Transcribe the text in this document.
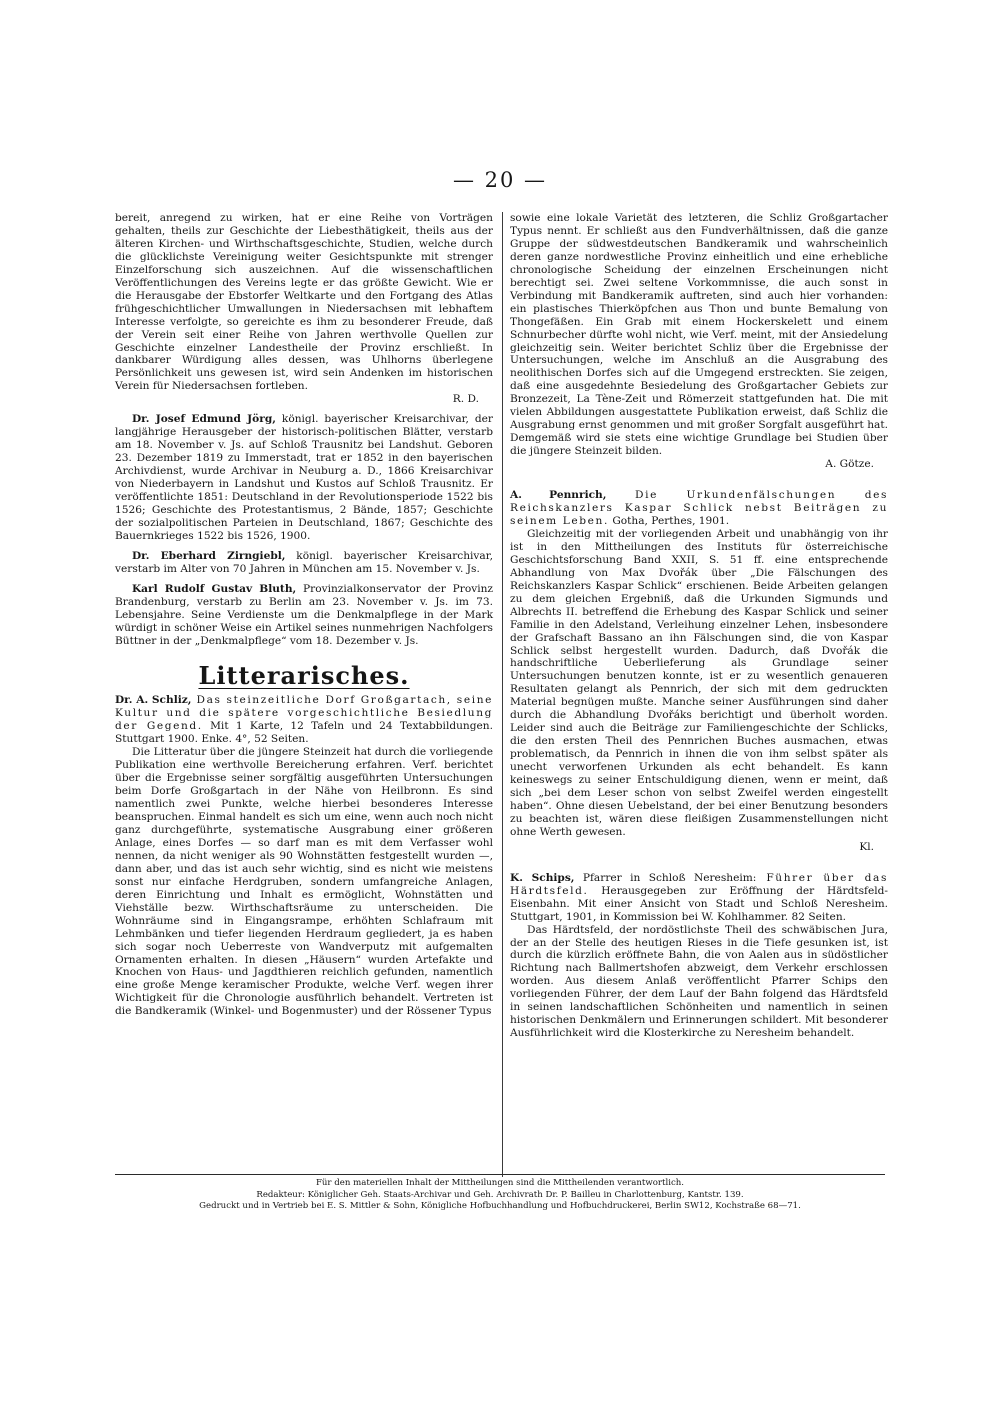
— 20 —

bereit, anregend zu wirken, hat er eine Reihe von Vorträgen gehalten, theils zur Geschichte der Liebesthätigkeit, theils aus der älteren Kirchen- und Wirthschaftsgeschichte, Studien, welche durch die glücklichste Vereinigung weiter Gesichtspunkte mit strenger Einzelforschung sich auszeichnen. Auf die wissenschaftlichen Veröffentlichungen des Vereins legte er das größte Gewicht. Wie er die Herausgabe der Ebstorfer Weltkarte und den Fortgang des Atlas frühgeschichtlicher Umwallungen in Niedersachsen mit lebhaftem Interesse verfolgte, so gereichte es ihm zu besonderer Freude, daß der Verein seit einer Reihe von Jahren werthvolle Quellen zur Geschichte einzelner Landestheile der Provinz erschließt. In dankbarer Würdigung alles dessen, was Uhlhorns überlegene Persönlichkeit uns gewesen ist, wird sein Andenken im historischen Verein für Niedersachsen fortleben.

R. D.

Dr. Josef Edmund Jörg, königl. bayerischer Kreisarchivar, der langjährige Herausgeber der historisch-politischen Blätter, verstarb am 18. November v. Js. auf Schloß Trausnitz bei Landshut. Geboren 23. Dezember 1819 zu Immerstadt, trat er 1852 in den bayerischen Archivdienst, wurde Archivar in Neuburg a. D., 1866 Kreisarchivar von Niederbayern in Landshut und Kustos auf Schloß Trausnitz. Er veröffentlichte 1851: Deutschland in der Revolutionsperiode 1522 bis 1526; Geschichte des Protestantismus, 2 Bände, 1857; Geschichte der sozialpolitischen Parteien in Deutschland, 1867; Geschichte des Bauernkrieges 1522 bis 1526, 1900.

Dr. Eberhard Zirngiebl, königl. bayerischer Kreisarchivar, verstarb im Alter von 70 Jahren in München am 15. November v. Js.

Karl Rudolf Gustav Bluth, Provinzialkonservator der Provinz Brandenburg, verstarb zu Berlin am 23. November v. Js. im 73. Lebensjahre. Seine Verdienste um die Denkmalpflege in der Mark würdigt in schöner Weise ein Artikel seines nunmehrigen Nachfolgers Büttner in der „Denkmalpflege“ vom 18. Dezember v. Js.

Litterarisches.

Dr. A. Schliz, Das steinzeitliche Dorf Großgartach, seine Kultur und die spätere vorgeschichtliche Besiedlung der Gegend. Mit 1 Karte, 12 Tafeln und 24 Textabbildungen. Stuttgart 1900. Enke. 4°, 52 Seiten.

Die Litteratur über die jüngere Steinzeit hat durch die vorliegende Publikation eine werthvolle Bereicherung erfahren. Verf. berichtet über die Ergebnisse seiner sorgfältig ausgeführten Untersuchungen beim Dorfe Großgartach in der Nähe von Heilbronn. Es sind namentlich zwei Punkte, welche hierbei besonderes Interesse beanspruchen. Einmal handelt es sich um eine, wenn auch noch nicht ganz durchgeführte, systematische Ausgrabung einer größeren Anlage, eines Dorfes — so darf man es mit dem Verfasser wohl nennen, da nicht weniger als 90 Wohnstätten festgestellt wurden —, dann aber, und das ist auch sehr wichtig, sind es nicht wie meistens sonst nur einfache Herdgruben, sondern umfangreiche Anlagen, deren Einrichtung und Inhalt es ermöglicht, Wohnstätten und Viehställe bezw. Wirthschaftsräume zu unterscheiden. Die Wohnräume sind in Eingangsrampe, erhöhten Schlafraum mit Lehmbänken und tiefer liegenden Herdraum gegliedert, ja es haben sich sogar noch Ueberreste von Wandverputz mit aufgemalten Ornamenten erhalten. In diesen „Häusern“ wurden Artefakte und Knochen von Haus- und Jagdthieren reichlich gefunden, namentlich eine große Menge keramischer Produkte, welche Verf. wegen ihrer Wichtigkeit für die Chronologie ausführlich behandelt. Vertreten ist die Bandkeramik (Winkel- und Bogenmuster) und der Rössener Typus

sowie eine lokale Varietät des letzteren, die Schliz Großgartacher Typus nennt. Er schließt aus den Fundverhältnissen, daß die ganze Gruppe der südwestdeutschen Bandkeramik und wahrscheinlich deren ganze nordwestliche Provinz einheitlich und eine erhebliche chronologische Scheidung der einzelnen Erscheinungen nicht berechtigt sei. Zwei seltene Vorkommnisse, die auch sonst in Verbindung mit Bandkeramik auftreten, sind auch hier vorhanden: ein plastisches Thierköpfchen aus Thon und bunte Bemalung von Thongefäßen. Ein Grab mit einem Hockerskelett und einem Schnurbecher dürfte wohl nicht, wie Verf. meint, mit der Ansiedelung gleichzeitig sein. Weiter berichtet Schliz über die Ergebnisse der Untersuchungen, welche im Anschluß an die Ausgrabung des neolithischen Dorfes sich auf die Umgegend erstreckten. Sie zeigen, daß eine ausgedehnte Besiedelung des Großgartacher Gebiets zur Bronzezeit, La Tène-Zeit und Römerzeit stattgefunden hat. Die mit vielen Abbildungen ausgestattete Publikation erweist, daß Schliz die Ausgrabung ernst genommen und mit großer Sorgfalt ausgeführt hat. Demgemäß wird sie stets eine wichtige Grundlage bei Studien über die jüngere Steinzeit bilden.

A. Götze.

A. Pennrich, Die Urkundenfälschungen des Reichskanzlers Kaspar Schlick nebst Beiträgen zu seinem Leben. Gotha, Perthes, 1901.

Gleichzeitig mit der vorliegenden Arbeit und unabhängig von ihr ist in den Mittheilungen des Instituts für österreichische Geschichtsforschung Band XXII, S. 51 ff. eine entsprechende Abhandlung von Max Dvořák über „Die Fälschungen des Reichskanzlers Kaspar Schlick“ erschienen. Beide Arbeiten gelangen zu dem gleichen Ergebniß, daß die Urkunden Sigmunds und Albrechts II. betreffend die Erhebung des Kaspar Schlick und seiner Familie in den Adelstand, Verleihung einzelner Lehen, insbesondere der Grafschaft Bassano an ihn Fälschungen sind, die von Kaspar Schlick selbst hergestellt wurden. Dadurch, daß Dvořák die handschriftliche Ueberlieferung als Grundlage seiner Untersuchungen benutzen konnte, ist er zu wesentlich genaueren Resultaten gelangt als Pennrich, der sich mit dem gedruckten Material begnügen mußte. Manche seiner Ausführungen sind daher durch die Abhandlung Dvořáks berichtigt und überholt worden. Leider sind auch die Beiträge zur Familiengeschichte der Schlicks, die den ersten Theil des Pennrichen Buches ausmachen, etwas problematisch, da Pennrich in ihnen die von ihm selbst später als unecht verworfenen Urkunden als echt behandelt. Es kann keineswegs zu seiner Entschuldigung dienen, wenn er meint, daß sich „bei dem Leser schon von selbst Zweifel werden eingestellt haben“. Ohne diesen Uebelstand, der bei einer Benutzung besonders zu beachten ist, wären diese fleißigen Zusammenstellungen nicht ohne Werth gewesen.

Kl.

K. Schips, Pfarrer in Schloß Neresheim: Führer über das Härdtsfeld. Herausgegeben zur Eröffnung der Härdtsfeld-Eisenbahn. Mit einer Ansicht von Stadt und Schloß Neresheim. Stuttgart, 1901, in Kommission bei W. Kohlhammer. 82 Seiten.

Das Härdtsfeld, der nordöstlichste Theil des schwäbischen Jura, der an der Stelle des heutigen Rieses in die Tiefe gesunken ist, ist durch die kürzlich eröffnete Bahn, die von Aalen aus in südöstlicher Richtung nach Ballmertshofen abzweigt, dem Verkehr erschlossen worden. Aus diesem Anlaß veröffentlicht Pfarrer Schips den vorliegenden Führer, der dem Lauf der Bahn folgend das Härdtsfeld in seinen landschaftlichen Schönheiten und namentlich in seinen historischen Denkmälern und Erinnerungen schildert. Mit besonderer Ausführlichkeit wird die Klosterkirche zu Neresheim behandelt.

Für den materiellen Inhalt der Mittheilungen sind die Mittheilenden verantwortlich.
Redakteur: Königlicher Geh. Staats-Archivar und Geh. Archivrath Dr. P. Bailleu in Charlottenburg, Kantstr. 139.
Gedruckt und in Vertrieb bei E. S. Mittler & Sohn, Königliche Hofbuchhandlung und Hofbuchdruckerei, Berlin SW12, Kochstraße 68—71.
